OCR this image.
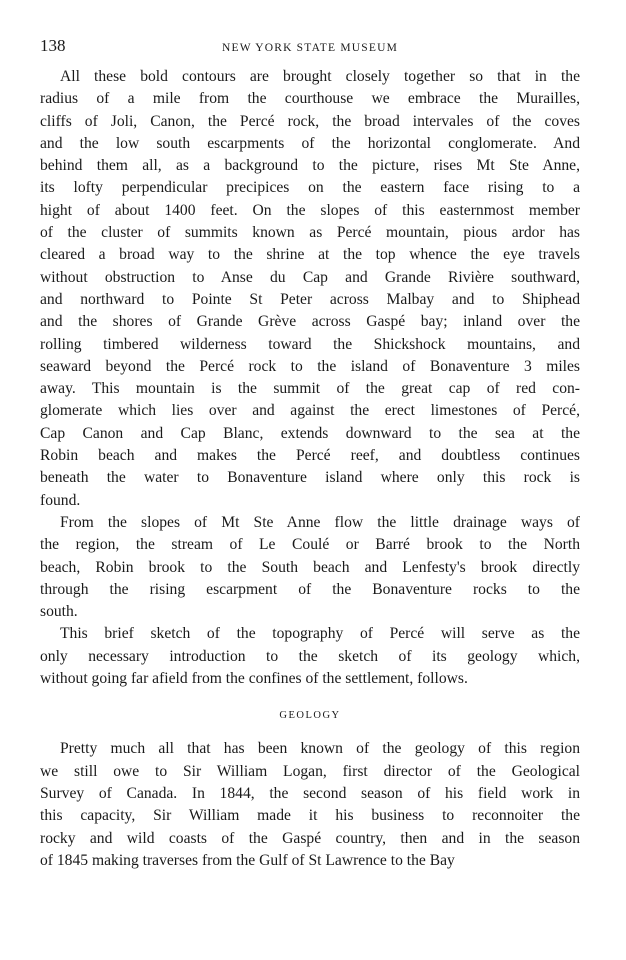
138	NEW YORK STATE MUSEUM

All these bold contours are brought closely together so that in the
radius of a mile from the courthouse we embrace the Murailles,
cliffs of Joli, Canon, the Percé rock, the broad intervales of the coves
and the low south escarpments of the horizontal conglomerate. And
behind them all, as a background to the picture, rises Mt Ste Anne,
its lofty perpendicular precipices on the eastern face rising to a
hight of about 1400 feet. On the slopes of this easternmost member
of the cluster of summits known as Percé mountain, pious ardor has
cleared a broad way to the shrine at the top whence the eye travels
without obstruction to Anse du Cap and Grande Rivière southward,
and northward to Pointe St Peter across Malbay and to Shiphead
and the shores of Grande Grève across Gaspé bay; inland over the
rolling timbered wilderness toward the Shickshock mountains, and
seaward beyond the Percé rock to the island of Bonaventure 3 miles
away. This mountain is the summit of the great cap of red con-
glomerate which lies over and against the erect limestones of Percé,
Cap Canon and Cap Blanc, extends downward to the sea at the
Robin beach and makes the Percé reef, and doubtless continues
beneath the water to Bonaventure island where only this rock is
found.

From the slopes of Mt Ste Anne flow the little drainage ways of
the region, the stream of Le Coulé or Barré brook to the North
beach, Robin brook to the South beach and Lenfesty's brook directly
through the rising escarpment of the Bonaventure rocks to the
south.

This brief sketch of the topography of Percé will serve as the
only necessary introduction to the sketch of its geology which,
without going far afield from the confines of the settlement, follows.

GEOLOGY

Pretty much all that has been known of the geology of this region
we still owe to Sir William Logan, first director of the Geological
Survey of Canada. In 1844, the second season of his field work in
this capacity, Sir William made it his business to reconnoiter the
rocky and wild coasts of the Gaspé country, then and in the season
of 1845 making traverses from the Gulf of St Lawrence to the Bay
